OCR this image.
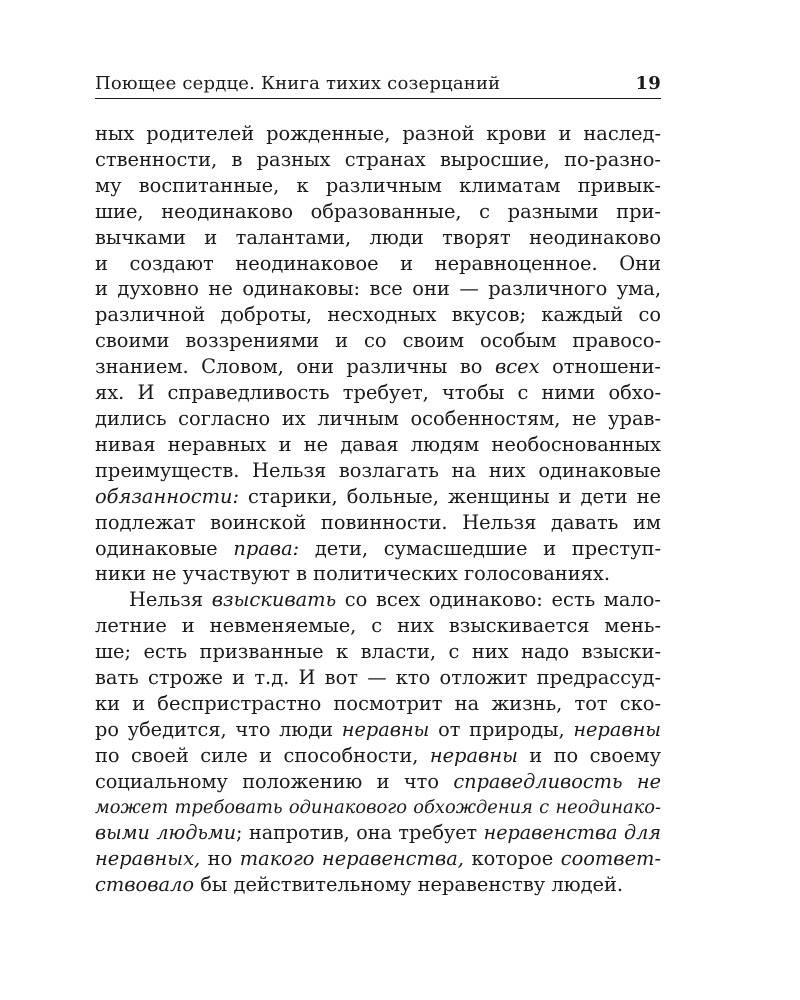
Поющее сердце. Книга тихих созерцаний	19
ных родителей рожденные, разной крови и наслед-
ственности, в разных странах выросшие, по-разно-
му воспитанные, к различным климатам привык-
шие, неодинаково образованные, с разными при-
вычками и талантами, люди творят неодинаково
и создают неодинаковое и неравноценное. Они
и духовно не одинаковы: все они — различного ума,
различной доброты, несходных вкусов; каждый со
своими воззрениями и со своим особым правосо-
знанием. Словом, они различны во всех отношени-
ях. И справедливость требует, чтобы с ними обхо-
дились согласно их личным особенностям, не урав-
нивая неравных и не давая людям необоснованных
преимуществ. Нельзя возлагать на них одинаковые
обязанности: старики, больные, женщины и дети не
подлежат воинской повинности. Нельзя давать им
одинаковые права: дети, сумасшедшие и преступ-
ники не участвуют в политических голосованиях.
Нельзя взыскивать со всех одинаково: есть мало-
летние и невменяемые, с них взыскивается мень-
ше; есть призванные к власти, с них надо взыски-
вать строже и т.д. И вот — кто отложит предрассуд-
ки и беспристрастно посмотрит на жизнь, тот ско-
ро убедится, что люди неравны от природы, неравны
по своей силе и способности, неравны и по своему
социальному положению и что справедливость не
может требовать одинакового обхождения с неодинако-
выми людьми; напротив, она требует неравенства для
неравных, но такого неравенства, которое соответ-
ствовало бы действительному неравенству людей.
